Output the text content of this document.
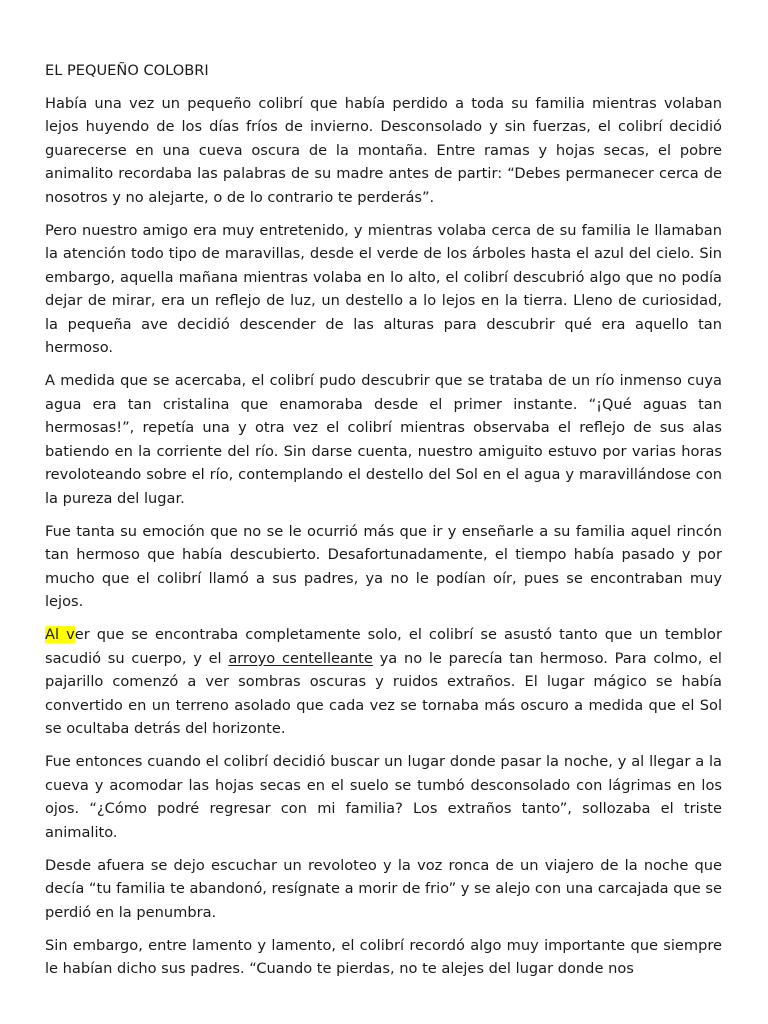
EL PEQUEÑO COLOBRI

Había una vez un pequeño colibrí que había perdido a toda su familia mientras volaban lejos huyendo de los días fríos de invierno. Desconsolado y sin fuerzas, el colibrí decidió guarecerse en una cueva oscura de la montaña. Entre ramas y hojas secas, el pobre animalito recordaba las palabras de su madre antes de partir: “Debes permanecer cerca de nosotros y no alejarte, o de lo contrario te perderás”.

Pero nuestro amigo era muy entretenido, y mientras volaba cerca de su familia le llamaban la atención todo tipo de maravillas, desde el verde de los árboles hasta el azul del cielo. Sin embargo, aquella mañana mientras volaba en lo alto, el colibrí descubrió algo que no podía dejar de mirar, era un reflejo de luz, un destello a lo lejos en la tierra. Lleno de curiosidad, la pequeña ave decidió descender de las alturas para descubrir qué era aquello tan hermoso.

A medida que se acercaba, el colibrí pudo descubrir que se trataba de un río inmenso cuya agua era tan cristalina que enamoraba desde el primer instante. “¡Qué aguas tan hermosas!”, repetía una y otra vez el colibrí mientras observaba el reflejo de sus alas batiendo en la corriente del río. Sin darse cuenta, nuestro amiguito estuvo por varias horas revoloteando sobre el río, contemplando el destello del Sol en el agua y maravillándose con la pureza del lugar.

Fue tanta su emoción que no se le ocurrió más que ir y enseñarle a su familia aquel rincón tan hermoso que había descubierto. Desafortunadamente, el tiempo había pasado y por mucho que el colibrí llamó a sus padres, ya no le podían oír, pues se encontraban muy lejos.

Al ver que se encontraba completamente solo, el colibrí se asustó tanto que un temblor sacudió su cuerpo, y el arroyo centelleante ya no le parecía tan hermoso. Para colmo, el pajarillo comenzó a ver sombras oscuras y ruidos extraños. El lugar mágico se había convertido en un terreno asolado que cada vez se tornaba más oscuro a medida que el Sol se ocultaba detrás del horizonte.

Fue entonces cuando el colibrí decidió buscar un lugar donde pasar la noche, y al llegar a la cueva y acomodar las hojas secas en el suelo se tumbó desconsolado con lágrimas en los ojos. “¿Cómo podré regresar con mi familia? Los extraños tanto”, sollozaba el triste animalito.

Desde afuera se dejo escuchar un revoloteo y la voz ronca de un viajero de la noche que decía “tu familia te abandonó, resígnate a morir de frio” y se alejo con una carcajada que se perdió en la penumbra.

Sin embargo, entre lamento y lamento, el colibrí recordó algo muy importante que siempre le habían dicho sus padres. “Cuando te pierdas, no te alejes del lugar donde nos
